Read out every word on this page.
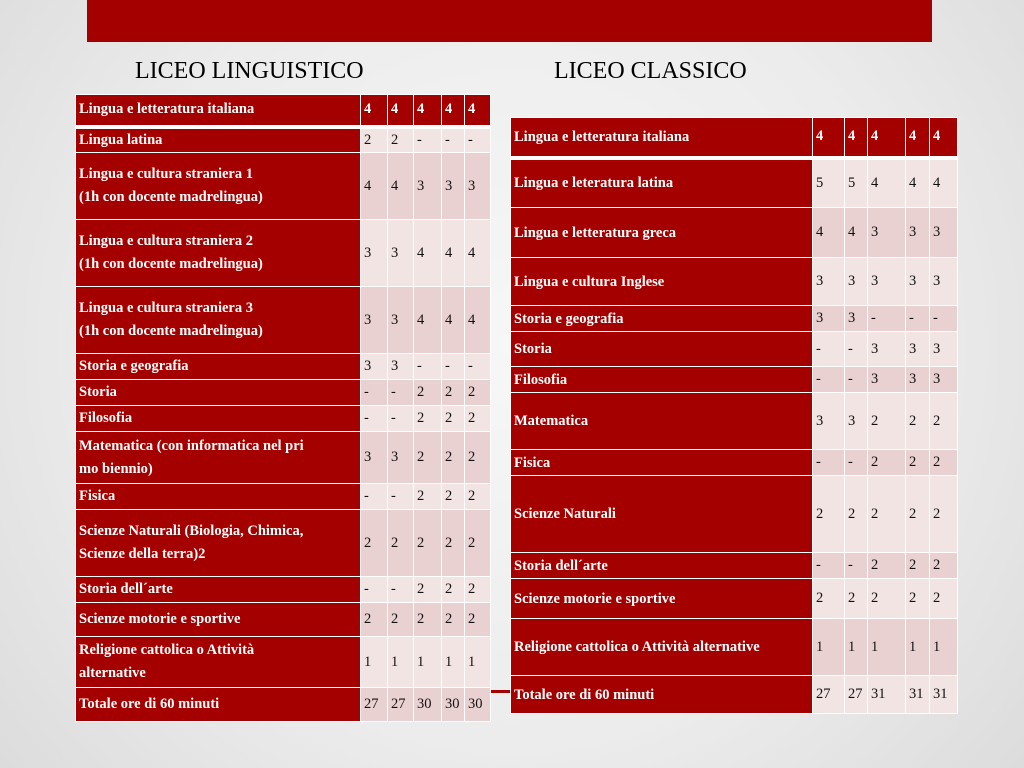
LICEO LINGUISTICO	LICEO CLASSICO
Lingua e letteratura italiana	4	4	4	4	4
Lingua latina	2	2	-	-	-
Lingua e cultura straniera 1
(1h con docente madrelingua)	4	4	3	3	3
Lingua e cultura straniera 2
(1h con docente madrelingua)	3	3	4	4	4
Lingua e cultura straniera 3
(1h con docente madrelingua)	3	3	4	4	4
Storia e geografia	3	3	-	-	-
Storia	-	-	2	2	2
Filosofia	-	-	2	2	2
Matematica (con informatica nel pri
mo biennio)	3	3	2	2	2
Fisica	-	-	2	2	2
Scienze Naturali (Biologia, Chimica,
Scienze della terra)2	2	2	2	2	2
Storia dell´arte	-	-	2	2	2
Scienze motorie e sportive	2	2	2	2	2
Religione cattolica o Attività
alternative	1	1	1	1	1
Totale ore di 60 minuti	27	27	30	30	30
Lingua e letteratura italiana	4	4	4	4	4
Lingua e leteratura latina	5	5	4	4	4
Lingua e letteratura greca	4	4	3	3	3
Lingua e cultura Inglese	3	3	3	3	3
Storia e geografia	3	3	-	-	-
Storia	-	-	3	3	3
Filosofia	-	-	3	3	3
Matematica	3	3	2	2	2
Fisica	-	-	2	2	2
Scienze Naturali	2	2	2	2	2
Storia dell´arte	-	-	2	2	2
Scienze motorie e sportive	2	2	2	2	2
Religione cattolica o Attività alternative	1	1	1	1	1
Totale ore di 60 minuti	27	27	31	31	31
